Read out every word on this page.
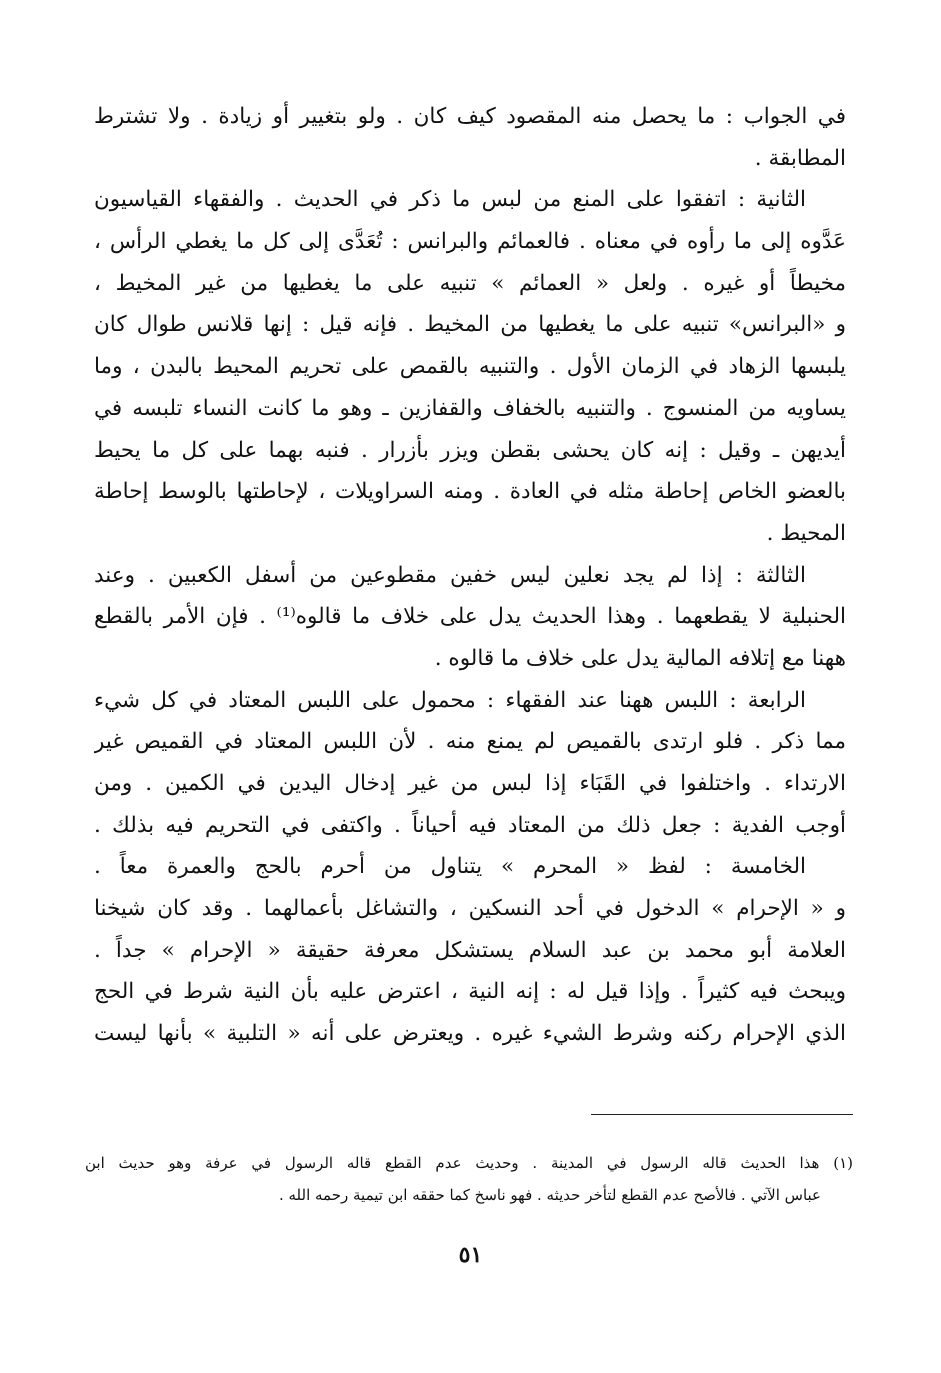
في الجواب : ما يحصل منه المقصود كيف كان . ولو بتغيير أو زيادة . ولا تشترط
المطابقة .
الثانية : اتفقوا على المنع من لبس ما ذكر في الحديث . والفقهاء القياسيون
عَدَّوه إلى ما رأوه في معناه . فالعمائم والبرانس : تُعَدَّى إلى كل ما يغطي الرأس ،
مخيطاً أو غيره . ولعل « العمائم » تنبيه على ما يغطيها من غير المخيط ،
و «البرانس» تنبيه على ما يغطيها من المخيط . فإنه قيل : إنها قلانس طوال كان
يلبسها الزهاد في الزمان الأول . والتنبيه بالقمص على تحريم المحيط بالبدن ، وما
يساويه من المنسوج . والتنبيه بالخفاف والقفازين ـ وهو ما كانت النساء تلبسه في
أيديهن ـ وقيل : إنه كان يحشى بقطن ويزر بأزرار . فنبه بهما على كل ما يحيط
بالعضو الخاص إحاطة مثله في العادة . ومنه السراويلات ، لإحاطتها بالوسط إحاطة
المحيط .
الثالثة : إذا لم يجد نعلين ليس خفين مقطوعين من أسفل الكعبين . وعند
الحنبلية لا يقطعهما . وهذا الحديث يدل على خلاف ما قالوه⁽¹⁾ . فإن الأمر بالقطع
ههنا مع إتلافه المالية يدل على خلاف ما قالوه .
الرابعة : اللبس ههنا عند الفقهاء : محمول على اللبس المعتاد في كل شيء
مما ذكر . فلو ارتدى بالقميص لم يمنع منه . لأن اللبس المعتاد في القميص غير
الارتداء . واختلفوا في القَبَاء إذا لبس من غير إدخال اليدين في الكمين . ومن
أوجب الفدية : جعل ذلك من المعتاد فيه أحياناً . واكتفى في التحريم فيه بذلك .
الخامسة : لفظ « المحرم » يتناول من أحرم بالحج والعمرة معاً .
و « الإحرام » الدخول في أحد النسكين ، والتشاغل بأعمالهما . وقد كان شيخنا
العلامة أبو محمد بن عبد السلام يستشكل معرفة حقيقة « الإحرام » جداً .
ويبحث فيه كثيراً . وإذا قيل له : إنه النية ، اعترض عليه بأن النية شرط في الحج
الذي الإحرام ركنه وشرط الشيء غيره . ويعترض على أنه « التلبية » بأنها ليست
(١) هذا الحديث قاله الرسول في المدينة . وحديث عدم القطع قاله الرسول في عرفة وهو حديث ابن
عباس الآتي . فالأصح عدم القطع لتأخر حديثه . فهو ناسخ كما حققه ابن تيمية رحمه الله .
٥١
